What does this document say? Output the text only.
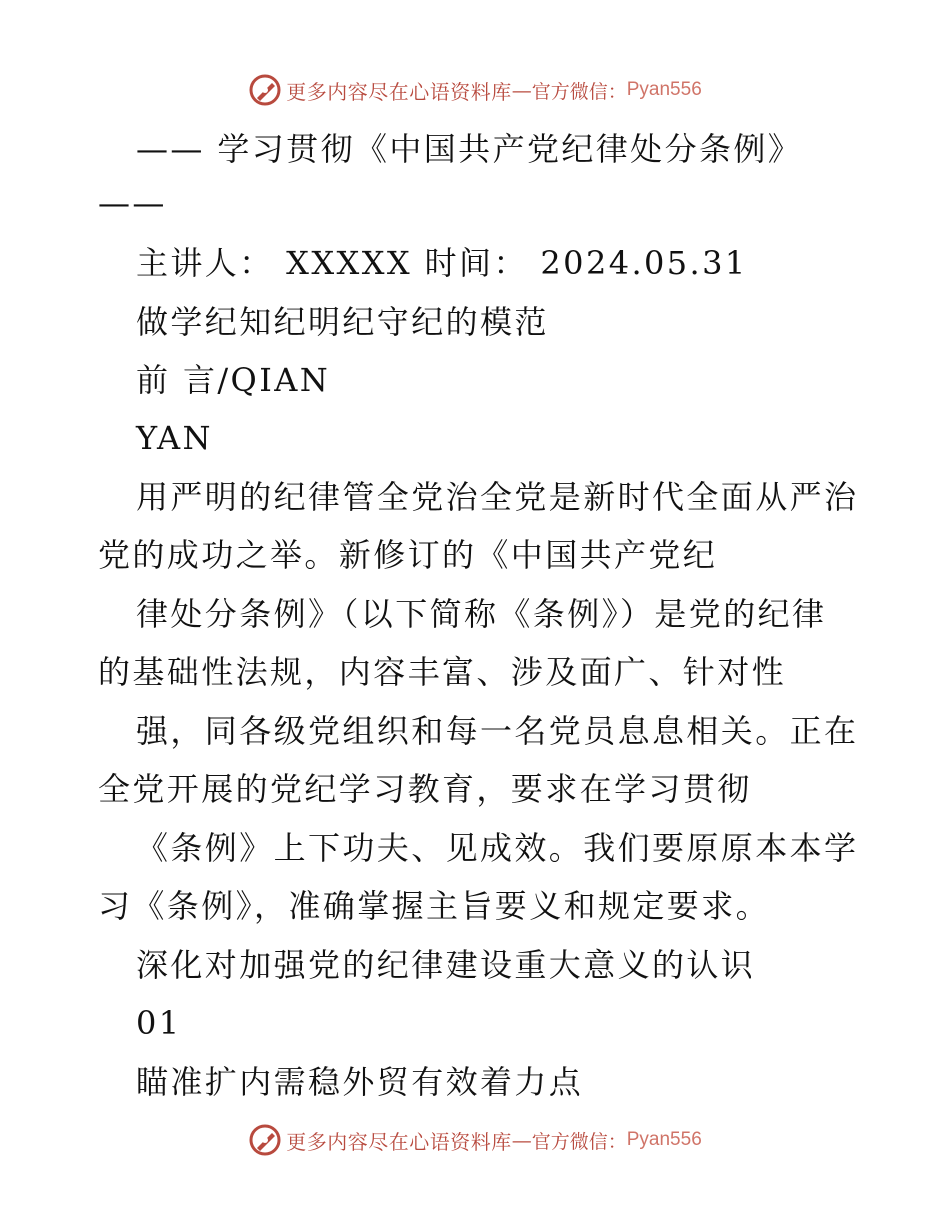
更多内容尽在心语资料库 — 官方微信： Pyan556
—— 学习贯彻《中国共产党纪律处分条例》
——
主讲人： XXXXX 时间： 2024.05.31
做学纪知纪明纪守纪的模范
前 言/QIAN
YAN
用严明的纪律管全党治全党是新时代全面从严治
党的成功之举。新修订的《中国共产党纪
律处分条例》（以下简称《条例》）是党的纪律
的基础性法规，内容丰富、涉及面广、针对性
强，同各级党组织和每一名党员息息相关。正在
全党开展的党纪学习教育，要求在学习贯彻
《条例》上下功夫、见成效。我们要原原本本学
习《条例》，准确掌握主旨要义和规定要求。
深化对加强党的纪律建设重大意义的认识
01
瞄准扩内需稳外贸有效着力点
更多内容尽在心语资料库 — 官方微信： Pyan556
